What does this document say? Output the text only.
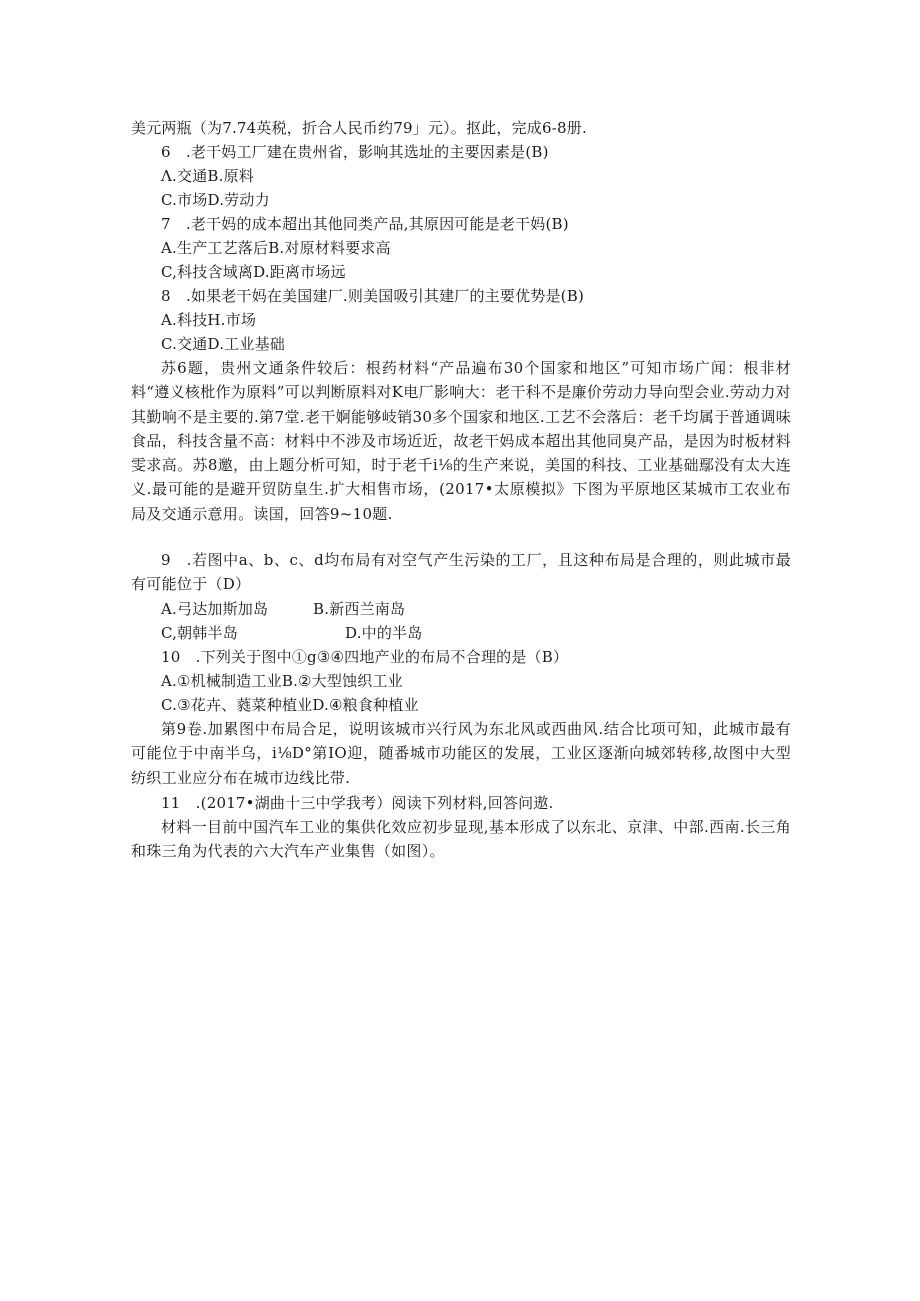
美元两瓶（为7.74英税，折合人民币约79」元）。抠此，完成6-8册.
6　.老干妈工厂建在贵州省，影响其选址的主要因素是(B)
Λ.交通B.原料
C.市场D.劳动力
7　.老干妈的成本超出其他同类产品,其原因可能是老干妈(B)
A.生产工艺落后B.对原材料要求高
C,科技含域离D.距离市场远
8　.如果老干妈在美国建厂.则美国吸引其建厂的主要优势是(B)
A.科技H.市场
C.交通D.工业基础
苏6题，贵州文通条件较后：根药材料“产品遍布30个国家和地区”可知市场广闻：根非材料“遵义核枇作为原料”可以判断原料对K电厂影响大：老干科不是廉价劳动力导向型会业.劳动力对其勤响不是主要的.第7堂.老干婀能够岐销30多个国家和地区.工艺不会落后：老千均属于普通调味食品，科技含量不高：材料中不涉及市场近近，故老干妈成本超出其他同臭产品，是因为时板材料雯求高。苏8邀，由上题分析可知，时于老千i⅛的生产来说，美国的科技、工业基础鄢没有太大连义.最可能的是避开贸防皇生.扩大相售市场，(2017•太原模拟》下图为平原地区某城市工农业布局及交通示意用。读国，回答9~10题.
9　.若图中a、b、c、d均布局有对空气产生污染的工厂，且这种布局是合理的，则此城市最有可能位于（D）
A.弓达加斯加岛	B.新西兰南岛
C,朝韩半岛	D.中的半岛
10　.下列关于图中①g③④四地产业的布局不合理的是（B）
A.①机械制造工业B.②大型蚀织工业
C.③花卉、蕤菜种植业D.④粮食种植业
第9卷.加累图中布局合足，说明该城市兴行风为东北风或西曲风.结合比项可知，此城市最有可能位于中南半乌，i⅛D°第IO迎，随番城市功能区的发展，工业区逐渐向城郊转移,故图中大型纺织工业应分布在城市边线比带.
11　.(2017•湖曲十三中学我考）阅读下列材料,回答问遨.
材料一目前中国汽车工业的集供化效应初步显现,基本形成了以东北、京津、中部.西南.长三角和珠三角为代表的六大汽车产业集售（如图）。
